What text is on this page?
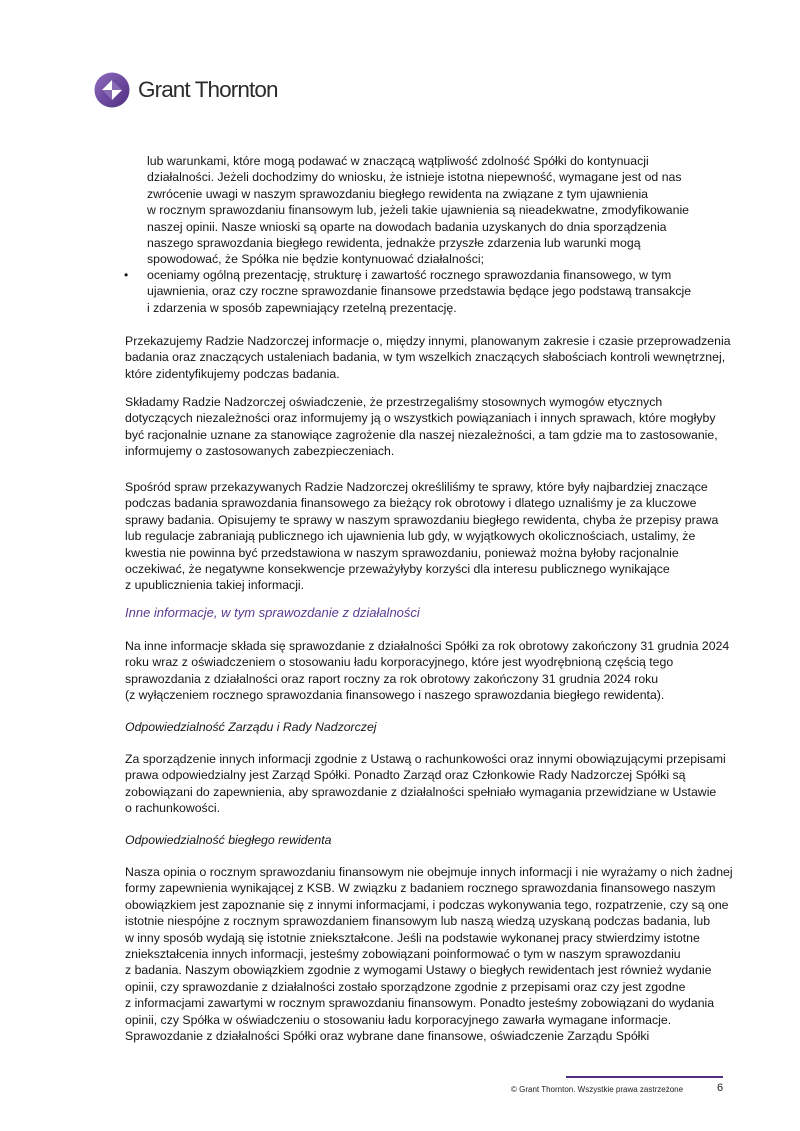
Grant Thornton
lub warunkami, które mogą podawać w znaczącą wątpliwość zdolność Spółki do kontynuacji
działalności. Jeżeli dochodzimy do wniosku, że istnieje istotna niepewność, wymagane jest od nas
zwrócenie uwagi w naszym sprawozdaniu biegłego rewidenta na związane z tym ujawnienia
w rocznym sprawozdaniu finansowym lub, jeżeli takie ujawnienia są nieadekwatne, zmodyfikowanie
naszej opinii. Nasze wnioski są oparte na dowodach badania uzyskanych do dnia sporządzenia
naszego sprawozdania biegłego rewidenta, jednakże przyszłe zdarzenia lub warunki mogą
spowodować, że Spółka nie będzie kontynuować działalności;
• oceniamy ogólną prezentację, strukturę i zawartość rocznego sprawozdania finansowego, w tym
ujawnienia, oraz czy roczne sprawozdanie finansowe przedstawia będące jego podstawą transakcje
i zdarzenia w sposób zapewniający rzetelną prezentację.
Przekazujemy Radzie Nadzorczej informacje o, między innymi, planowanym zakresie i czasie przeprowadzenia
badania oraz znaczących ustaleniach badania, w tym wszelkich znaczących słabościach kontroli wewnętrznej,
które zidentyfikujemy podczas badania.
Składamy Radzie Nadzorczej oświadczenie, że przestrzegaliśmy stosownych wymogów etycznych
dotyczących niezależności oraz informujemy ją o wszystkich powiązaniach i innych sprawach, które mogłyby
być racjonalnie uznane za stanowiące zagrożenie dla naszej niezależności, a tam gdzie ma to zastosowanie,
informujemy o zastosowanych zabezpieczeniach.
Spośród spraw przekazywanych Radzie Nadzorczej określiliśmy te sprawy, które były najbardziej znaczące
podczas badania sprawozdania finansowego za bieżący rok obrotowy i dlatego uznaliśmy je za kluczowe
sprawy badania. Opisujemy te sprawy w naszym sprawozdaniu biegłego rewidenta, chyba że przepisy prawa
lub regulacje zabraniają publicznego ich ujawnienia lub gdy, w wyjątkowych okolicznościach, ustalimy, że
kwestia nie powinna być przedstawiona w naszym sprawozdaniu, ponieważ można byłoby racjonalnie
oczekiwać, że negatywne konsekwencje przeważyłyby korzyści dla interesu publicznego wynikające
z upublicznienia takiej informacji.
Inne informacje, w tym sprawozdanie z działalności
Na inne informacje składa się sprawozdanie z działalności Spółki za rok obrotowy zakończony 31 grudnia 2024
roku wraz z oświadczeniem o stosowaniu ładu korporacyjnego, które jest wyodrębnioną częścią tego
sprawozdania z działalności oraz raport roczny za rok obrotowy zakończony 31 grudnia 2024 roku
(z wyłączeniem rocznego sprawozdania finansowego i naszego sprawozdania biegłego rewidenta).
Odpowiedzialność Zarządu i Rady Nadzorczej
Za sporządzenie innych informacji zgodnie z Ustawą o rachunkowości oraz innymi obowiązującymi przepisami
prawa odpowiedzialny jest Zarząd Spółki. Ponadto Zarząd oraz Członkowie Rady Nadzorczej Spółki są
zobowiązani do zapewnienia, aby sprawozdanie z działalności spełniało wymagania przewidziane w Ustawie
o rachunkowości.
Odpowiedzialność biegłego rewidenta
Nasza opinia o rocznym sprawozdaniu finansowym nie obejmuje innych informacji i nie wyrażamy o nich żadnej
formy zapewnienia wynikającej z KSB. W związku z badaniem rocznego sprawozdania finansowego naszym
obowiązkiem jest zapoznanie się z innymi informacjami, i podczas wykonywania tego, rozpatrzenie, czy są one
istotnie niespójne z rocznym sprawozdaniem finansowym lub naszą wiedzą uzyskaną podczas badania, lub
w inny sposób wydają się istotnie zniekształcone. Jeśli na podstawie wykonanej pracy stwierdzimy istotne
zniekształcenia innych informacji, jesteśmy zobowiązani poinformować o tym w naszym sprawozdaniu
z badania. Naszym obowiązkiem zgodnie z wymogami Ustawy o biegłych rewidentach jest również wydanie
opinii, czy sprawozdanie z działalności zostało sporządzone zgodnie z przepisami oraz czy jest zgodne
z informacjami zawartymi w rocznym sprawozdaniu finansowym. Ponadto jesteśmy zobowiązani do wydania
opinii, czy Spółka w oświadczeniu o stosowaniu ładu korporacyjnego zawarła wymagane informacje.
Sprawozdanie z działalności Spółki oraz wybrane dane finansowe, oświadczenie Zarządu Spółki
© Grant Thornton. Wszystkie prawa zastrzeżone	6
